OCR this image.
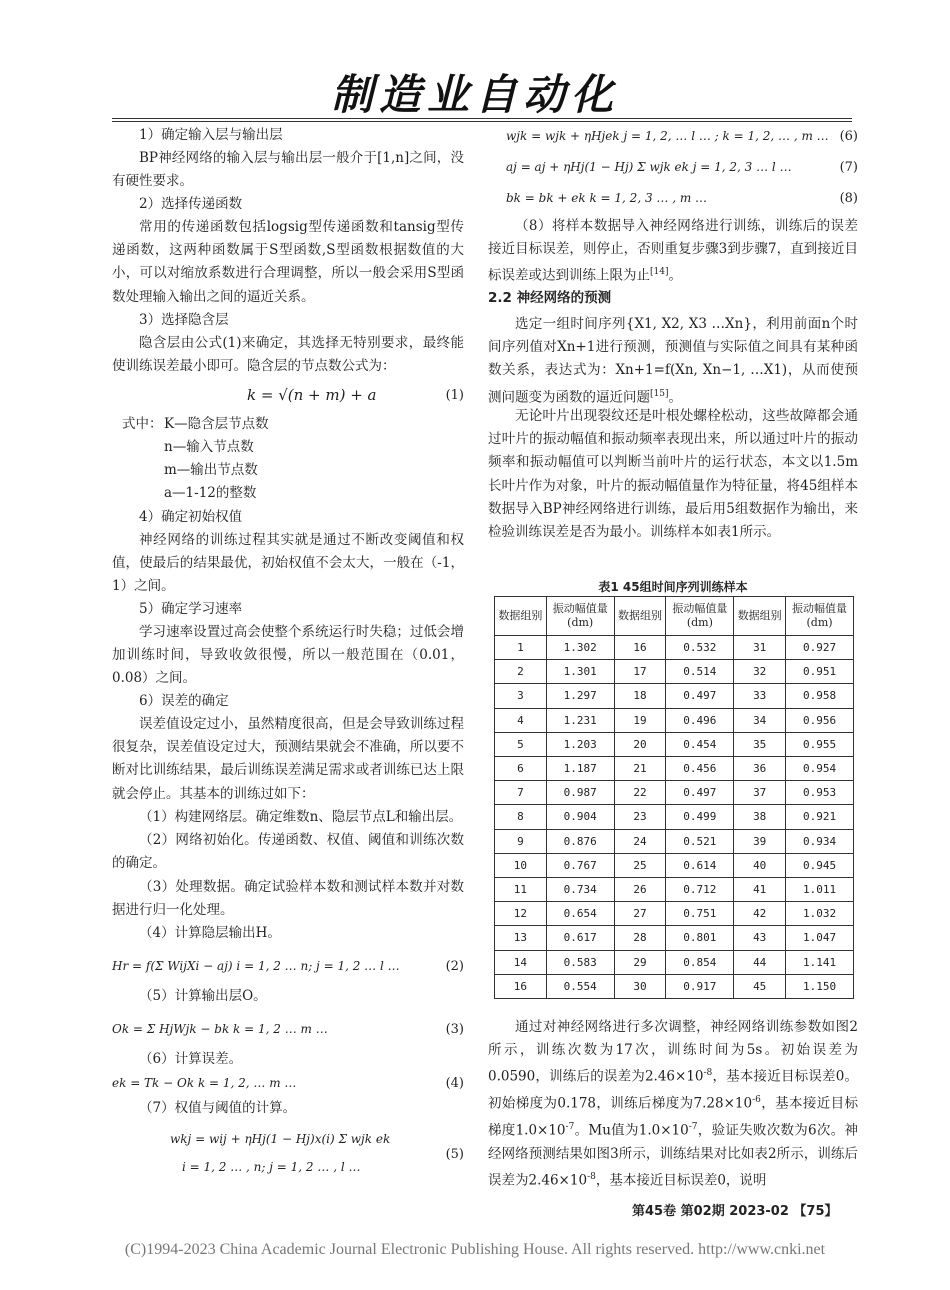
制造业自动化
1）确定输入层与输出层
BP神经网络的输入层与输出层一般介于[1,n]之间，没有硬性要求。
2）选择传递函数
常用的传递函数包括logsig型传递函数和tansig型传递函数，这两种函数属于S型函数,S型函数根据数值的大小，可以对缩放系数进行合理调整，所以一般会采用S型函数处理输入输出之间的逼近关系。
3）选择隐含层
隐含层由公式(1)来确定，其选择无特别要求，最终能使训练误差最小即可。隐含层的节点数公式为：
k = √(n + m) + a	(1)
式中： K—隐含层节点数
n—输入节点数
m—输出节点数
a—1-12的整数
4）确定初始权值
神经网络的训练过程其实就是通过不断改变阈值和权值，使最后的结果最优，初始权值不会太大，一般在（-1，1）之间。
5）确定学习速率
学习速率设置过高会使整个系统运行时失稳；过低会增加训练时间，导致收敛很慢，所以一般范围在（0.01，0.08）之间。
6）误差的确定
误差值设定过小，虽然精度很高，但是会导致训练过程很复杂，误差值设定过大，预测结果就会不准确，所以要不断对比训练结果，最后训练误差满足需求或者训练已达上限就会停止。其基本的训练过如下：
（1）构建网络层。确定维数n、隐层节点L和输出层。
（2）网络初始化。传递函数、权值、阈值和训练次数的确定。
（3）处理数据。确定试验样本数和测试样本数并对数据进行归一化处理。
（4）计算隐层输出H。
Hr = f(Σ WijXi − aj) i = 1, 2 … n; j = 1, 2 … l …	(2)
（5）计算输出层O。
Ok = Σ HjWjk − bk k = 1, 2 … m …	(3)
（6）计算误差。
ek = Tk − Ok k = 1, 2, … m …	(4)
（7）权值与阈值的计算。
wkj = wij + ηHj(1 − Hj)x(i) Σ wjk ek
i = 1, 2 … , n; j = 1, 2 … , l …
(5)
wjk = wjk + ηHjek j = 1, 2, … l … ; k = 1, 2, … , m … (6)
aj = aj + ηHj(1 − Hj) Σ wjk ek j = 1, 2, 3 … l …	(7)
bk = bk + ek k = 1, 2, 3 … , m …	(8)
（8）将样本数据导入神经网络进行训练，训练后的误差接近目标误差，则停止，否则重复步骤3到步骤7，直到接近目标误差或达到训练上限为止[14]。
2.2 神经网络的预测
选定一组时间序列{X1, X2, X3 …Xn}，利用前面n个时间序列值对Xn+1进行预测，预测值与实际值之间具有某种函数关系，表达式为：Xn+1=f(Xn, Xn−1, …X1)，从而使预测问题变为函数的逼近问题[15]。
无论叶片出现裂纹还是叶根处螺栓松动，这些故障都会通过叶片的振动幅值和振动频率表现出来，所以通过叶片的振动频率和振动幅值可以判断当前叶片的运行状态，本文以1.5m长叶片作为对象，叶片的振动幅值量作为特征量，将45组样本数据导入BP神经网络进行训练，最后用5组数据作为输出，来检验训练误差是否为最小。训练样本如表1所示。
表1 45组时间序列训练样本
数据组别	振动幅值量(dm)	数据组别	振动幅值量(dm)	数据组别	振动幅值量(dm)
1	1.302	16	0.532	31	0.927
2	1.301	17	0.514	32	0.951
3	1.297	18	0.497	33	0.958
4	1.231	19	0.496	34	0.956
5	1.203	20	0.454	35	0.955
6	1.187	21	0.456	36	0.954
7	0.987	22	0.497	37	0.953
8	0.904	23	0.499	38	0.921
9	0.876	24	0.521	39	0.934
10	0.767	25	0.614	40	0.945
11	0.734	26	0.712	41	1.011
12	0.654	27	0.751	42	1.032
13	0.617	28	0.801	43	1.047
14	0.583	29	0.854	44	1.141
16	0.554	30	0.917	45	1.150
通过对神经网络进行多次调整，神经网络训练参数如图2所示，训练次数为17次，训练时间为5s。初始误差为0.0590，训练后的误差为$2.46\times 10^{-8}$，基本接近目标误差0。初始梯度为0.178，训练后梯度为$7.28\times 10^{-6}$，基本接近目标梯度$1.0\times 10^{-7}$。Mu值为$1.0\times 10^{-7}$，验证失败次数为6次。神经网络预测结果如图3所示，训练结果对比如表2所示，训练后误差为$2.46\times 10^{-8}$，基本接近目标误差0，说明
第45卷 第02期 2023-02 【75】
(C)1994-2023 China Academic Journal Electronic Publishing House. All rights reserved. http://www.cnki.net
